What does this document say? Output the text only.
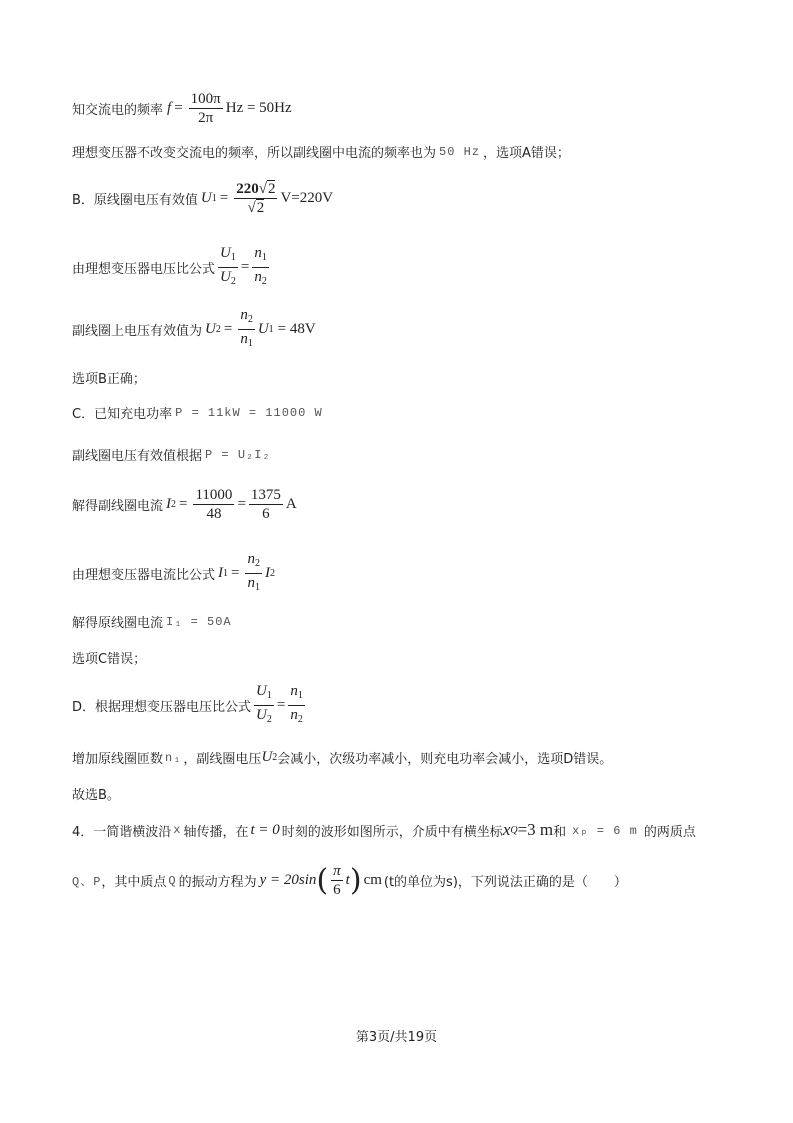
知交流电的频率 $f = \frac{100\pi}{2\pi}$ Hz = 50Hz
理想变压器不改变交流电的频率，所以副线圈中电流的频率也为 50 Hz ，选项A错误；
B．原线圈电压有效值 U $1 = \frac{220√2}{√2} V=220V$
由理想变压器电压比公式 $\frac{U_1}{U_2} = \frac{n_1}{n_2}$
副线圈上电压有效值为 U $2 = \frac{n_2}{n_1}$ U 1 = 48V
选项B正确；
C．已知充电功率 P = 11kW = 11000 W
副线圈电压有效值根据 P = U₂I₂
解得副线圈电流 I $2 = \frac{11000}{48} = \frac{1375}{6}$ A
由理想变压器电流比公式 I $1 = \frac{n_2}{n_1}$ I 2
解得原线圈电流 I₁ = 50A
选项C错误；
D．根据理想变压器电压比公式 $\frac{U_1}{U_2} = \frac{n_1}{n_2}$
增加原线圈匝数 n₁ ，副线圈电压 U 2 会减小，次级功率减小，则充电功率会减小，选项D错误。
故选B。
4．一简谐横波沿 x 轴传播，在 t = 0 时刻的波形如图所示，介质中有横坐标 x Q =3 m 和 xₚ = 6 m 的两质点
Q、P ，其中质点 Q 的振动方程为 y = 20sin ( $\frac{\pi}{6}$ t ) cm (t的单位为s) ，下列说法正确的是（　　）
第3页/共19页
